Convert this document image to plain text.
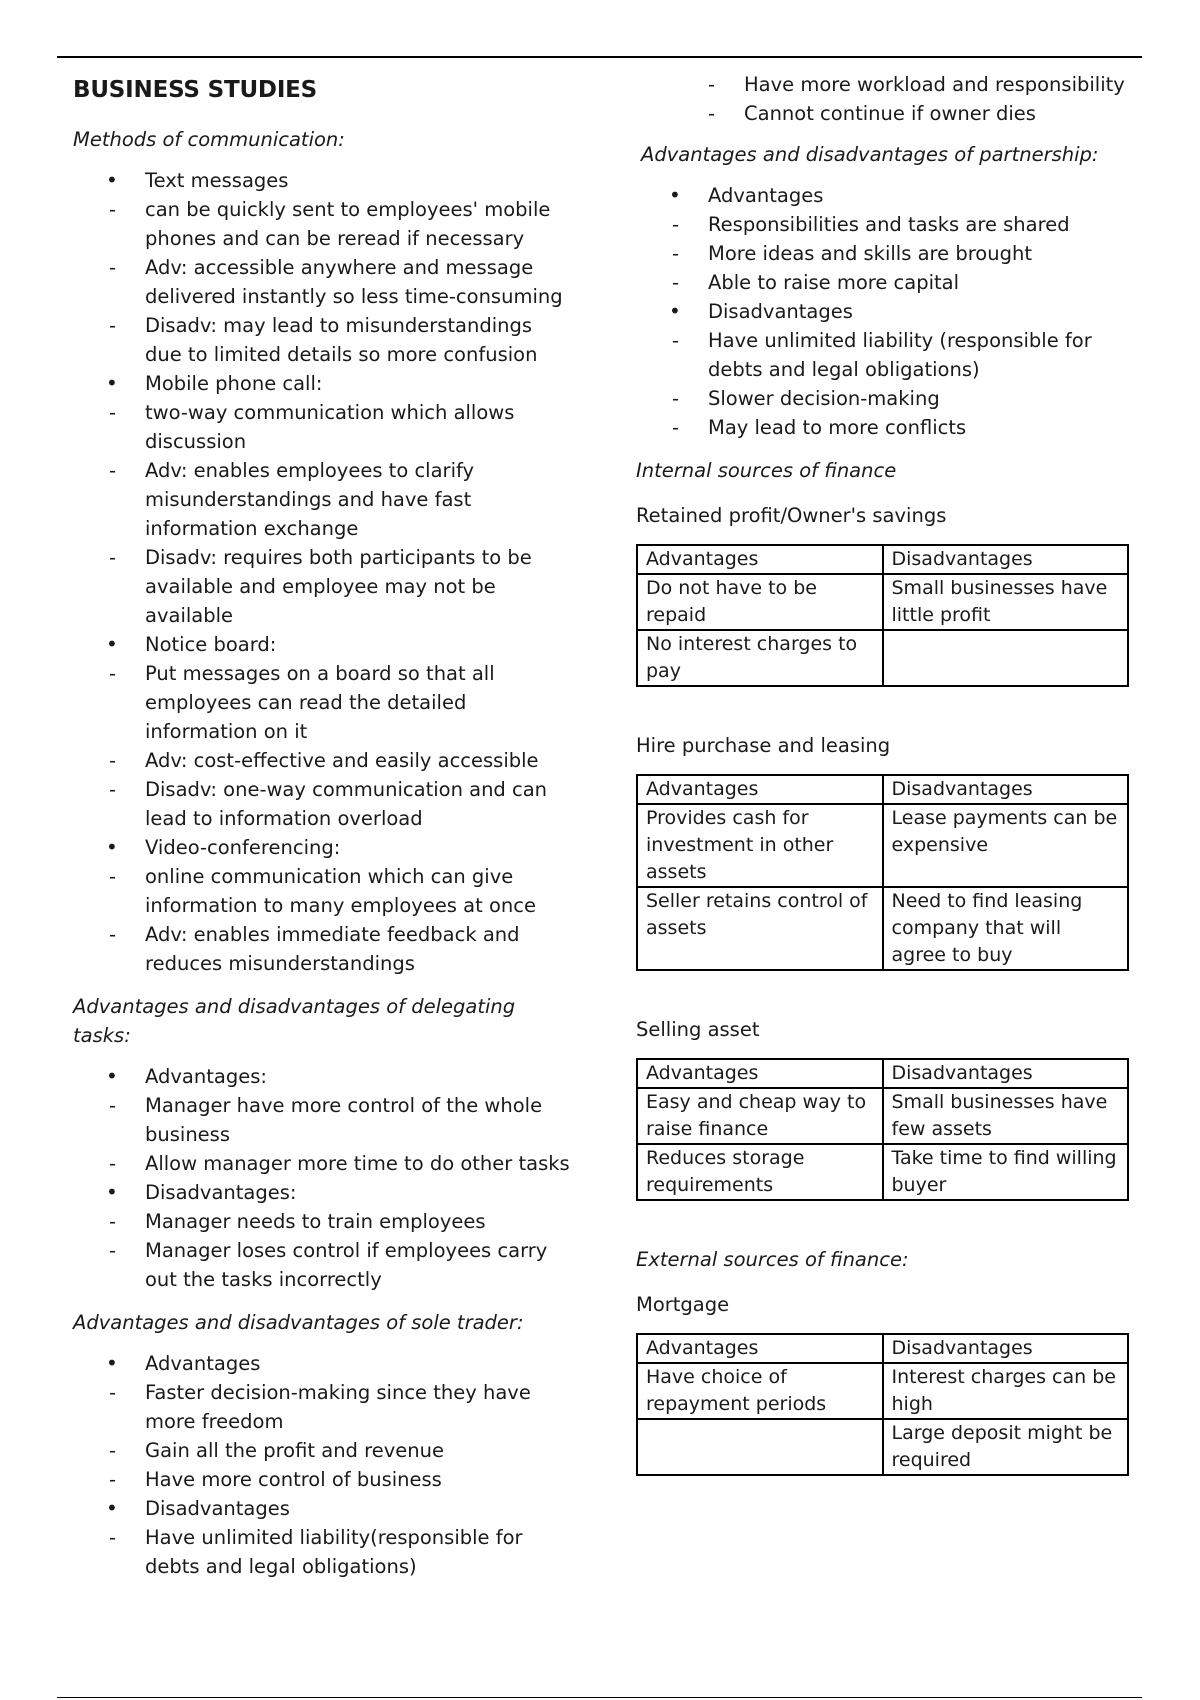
BUSINESS STUDIES

Methods of communication:

• Text messages
- can be quickly sent to employees' mobile phones and can be reread if necessary
- Adv: accessible anywhere and message delivered instantly so less time-consuming
- Disadv: may lead to misunderstandings due to limited details so more confusion
• Mobile phone call:
- two-way communication which allows discussion
- Adv: enables employees to clarify misunderstandings and have fast information exchange
- Disadv: requires both participants to be available and employee may not be available
• Notice board:
- Put messages on a board so that all employees can read the detailed information on it
- Adv: cost-effective and easily accessible
- Disadv: one-way communication and can lead to information overload
• Video-conferencing:
- online communication which can give information to many employees at once
- Adv: enables immediate feedback and reduces misunderstandings

Advantages and disadvantages of delegating tasks:

• Advantages:
- Manager have more control of the whole business
- Allow manager more time to do other tasks
• Disadvantages:
- Manager needs to train employees
- Manager loses control if employees carry out the tasks incorrectly

Advantages and disadvantages of sole trader:

• Advantages
- Faster decision-making since they have more freedom
- Gain all the profit and revenue
- Have more control of business
• Disadvantages
- Have unlimited liability(responsible for debts and legal obligations)
- Have more workload and responsibility
- Cannot continue if owner dies

Advantages and disadvantages of partnership:

• Advantages
- Responsibilities and tasks are shared
- More ideas and skills are brought
- Able to raise more capital
• Disadvantages
- Have unlimited liability (responsible for debts and legal obligations)
- Slower decision-making
- May lead to more conflicts

Internal sources of finance

Retained profit/Owner's savings

Advantages	Disadvantages
Do not have to be repaid	Small businesses have little profit
No interest charges to pay	

Hire purchase and leasing

Advantages	Disadvantages
Provides cash for investment in other assets	Lease payments can be expensive
Seller retains control of assets	Need to find leasing company that will agree to buy

Selling asset

Advantages	Disadvantages
Easy and cheap way to raise finance	Small businesses have few assets
Reduces storage requirements	Take time to find willing buyer

External sources of finance:

Mortgage

Advantages	Disadvantages
Have choice of repayment periods	Interest charges can be high
	Large deposit might be required
